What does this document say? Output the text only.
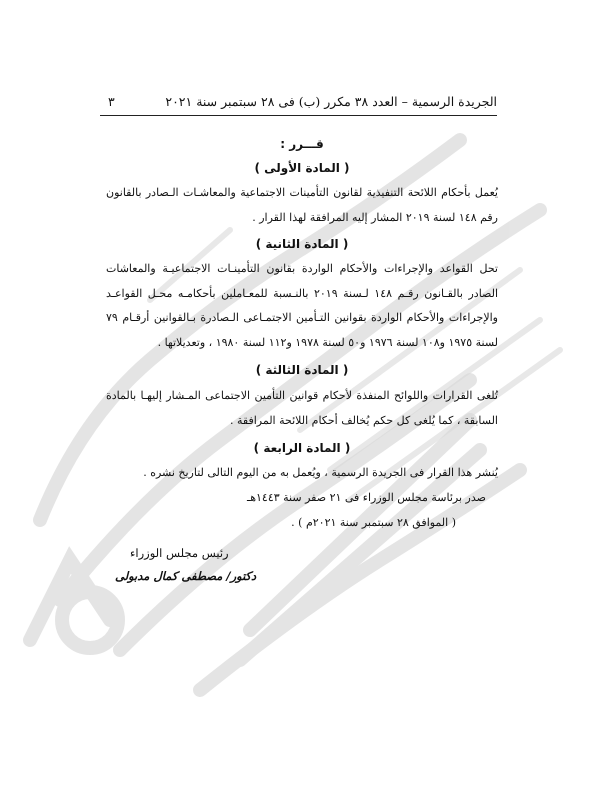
الجريدة الرسمية – العدد ٣٨ مكرر (ب) فى ٢٨ سبتمبر سنة ٢٠٢١
٣
قـــرر :
( المادة الأولى )
يُعمل بأحكام اللائحة التنفيذية لقانون التأمينات الاجتماعية والمعاشـات الـصادر بالقانون رقم ١٤٨ لسنة ٢٠١٩ المشار إليه المرافقة لهذا القرار .
( المادة الثانية )
تحل القواعد والإجراءات والأحكام الواردة بقانون التأمينـات الاجتماعيـة والمعاشات الصادر بالقـانون رقـم ١٤٨ لـسنة ٢٠١٩ بالنـسبة للمعـاملين بأحكامـه محـل القواعـد والإجراءات والأحكام الواردة بقوانين التـأمين الاجتمـاعى الـصادرة بـالقوانين أرقـام ٧٩ لسنة ١٩٧٥ و١٠٨ لسنة ١٩٧٦ و٥٠ لسنة ١٩٧٨ و١١٢ لسنة ١٩٨٠ ، وتعديلاتها .
( المادة الثالثة )
تُلغى القرارات واللوائح المنفذة لأحكام قوانين التأمين الاجتماعى المـشار إليهـا بالمادة السابقة ، كما يُلغى كل حكم يُخالف أحكام اللائحة المرافقة .
( المادة الرابعة )
يُنشر هذا القرار فى الجريدة الرسمية ، ويُعمل به من اليوم التالى لتاريخ نشره .
صدر برئاسة مجلس الوزراء فى ٢١ صفر سنة ١٤٤٣هـ
( الموافق ٢٨ سبتمبر سنة ٢٠٢١م ) .
رئيس مجلس الوزراء
دكتور/ مصطفى كمال مدبولى
